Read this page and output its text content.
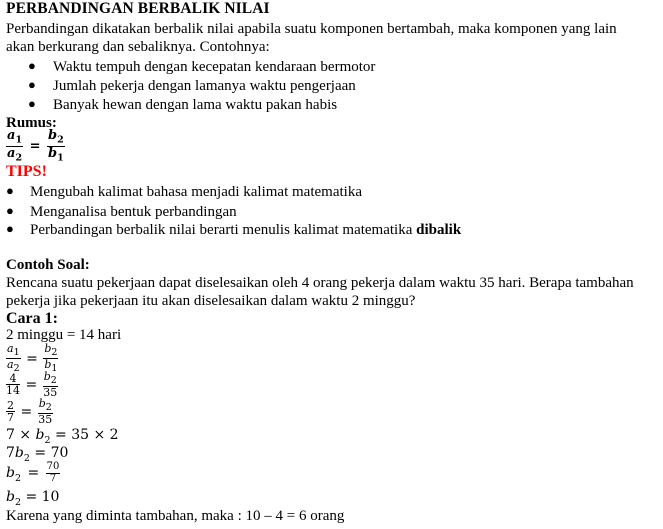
PERBANDINGAN BERBALIK NILAI
Perbandingan dikatakan berbalik nilai apabila suatu komponen bertambah, maka komponen yang lain
akan berkurang dan sebaliknya. Contohnya:
● Waktu tempuh dengan kecepatan kendaraan bermotor
● Jumlah pekerja dengan lamanya waktu pengerjaan
● Banyak hewan dengan lama waktu pakan habis
Rumus:
$\frac{a_1}{a_2} = \frac{b_2}{b_1}$
TIPS!
● Mengubah kalimat bahasa menjadi kalimat matematika
● Menganalisa bentuk perbandingan
● Perbandingan berbalik nilai berarti menulis kalimat matematika dibalik
Contoh Soal:
Rencana suatu pekerjaan dapat diselesaikan oleh 4 orang pekerja dalam waktu 35 hari. Berapa tambahan
pekerja jika pekerjaan itu akan diselesaikan dalam waktu 2 minggu?
Cara 1:
2 minggu = 14 hari
$\frac{a_1}{a_2} = \frac{b_2}{b_1}$
$\frac{4}{14} = \frac{b_2}{35}$
$\frac{2}{7} = \frac{b_2}{35}$
$7 \times b_2 = 35 \times 2$
$7b_2 = 70$
$b_2 = \frac{70}{7}$
$b_2 = 10$
Karena yang diminta tambahan, maka : 10 – 4 = 6 orang
